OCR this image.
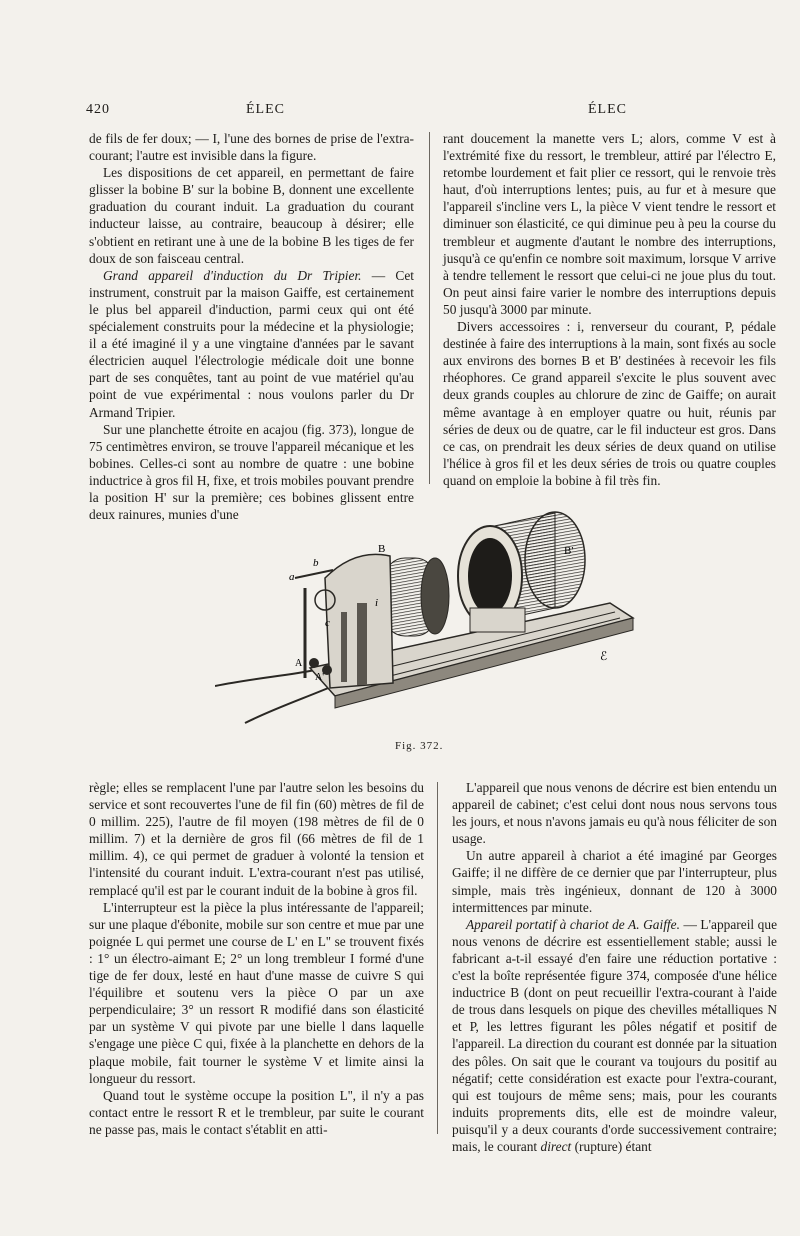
420	ÉLEC	ÉLEC

de fils de fer doux; — I, l'une des bornes de prise de l'extra-courant; l'autre est invisible dans la figure.

Les dispositions de cet appareil, en permettant de faire glisser la bobine B' sur la bobine B, donnent une excellente graduation du courant induit. La graduation du courant inducteur laisse, au contraire, beaucoup à désirer; elle s'obtient en retirant une à une de la bobine B les tiges de fer doux de son faisceau central.

Grand appareil d'induction du Dr Tripier. — Cet instrument, construit par la maison Gaiffe, est certainement le plus bel appareil d'induction, parmi ceux qui ont été spécialement construits pour la médecine et la physiologie; il a été imaginé il y a une vingtaine d'années par le savant électricien auquel l'électrologie médicale doit une bonne part de ses conquêtes, tant au point de vue matériel qu'au point de vue expérimental : nous voulons parler du Dr Armand Tripier.

Sur une planchette étroite en acajou (fig. 373), longue de 75 centimètres environ, se trouve l'appareil mécanique et les bobines. Celles-ci sont au nombre de quatre : une bobine inductrice à gros fil H, fixe, et trois mobiles pouvant prendre la position H' sur la première; ces bobines glissent entre deux rainures, munies d'une

rant doucement la manette vers L; alors, comme V est à l'extrémité fixe du ressort, le trembleur, attiré par l'électro E, retombe lourdement et fait plier ce ressort, qui le renvoie très haut, d'où interruptions lentes; puis, au fur et à mesure que l'appareil s'incline vers L, la pièce V vient tendre le ressort et diminuer son élasticité, ce qui diminue peu à peu la course du trembleur et augmente d'autant le nombre des interruptions, jusqu'à ce qu'enfin ce nombre soit maximum, lorsque V arrive à tendre tellement le ressort que celui-ci ne joue plus du tout. On peut ainsi faire varier le nombre des interruptions depuis 50 jusqu'à 3000 par minute.

Divers accessoires : i, renverseur du courant, P, pédale destinée à faire des interruptions à la main, sont fixés au socle aux environs des bornes B et B' destinées à recevoir les fils rhéophores. Ce grand appareil s'excite le plus souvent avec deux grands couples au chlorure de zinc de Gaiffe; on aurait même avantage à en employer quatre ou huit, réunis par séries de deux ou de quatre, car le fil inducteur est gros. Dans ce cas, on prendrait les deux séries de deux quand on utilise l'hélice à gros fil et les deux séries de trois ou quatre couples quand on emploie la bobine à fil très fin.

B	B'
a
b
c
i
A
A'
ℰ
Fig. 372.

règle; elles se remplacent l'une par l'autre selon les besoins du service et sont recouvertes l'une de fil fin (60) mètres de fil de 0 millim. 225), l'autre de fil moyen (198 mètres de fil de 0 millim. 7) et la dernière de gros fil (66 mètres de fil de 1 millim. 4), ce qui permet de graduer à volonté la tension et l'intensité du courant induit. L'extra-courant n'est pas utilisé, remplacé qu'il est par le courant induit de la bobine à gros fil.

L'interrupteur est la pièce la plus intéressante de l'appareil; sur une plaque d'ébonite, mobile sur son centre et mue par une poignée L qui permet une course de L' en L'' se trouvent fixés : 1° un électro-aimant E; 2° un long trembleur I formé d'une tige de fer doux, lesté en haut d'une masse de cuivre S qui l'équilibre et soutenu vers la pièce O par un axe perpendiculaire; 3° un ressort R modifié dans son élasticité par un système V qui pivote par une bielle l dans laquelle s'engage une pièce C qui, fixée à la planchette en dehors de la plaque mobile, fait tourner le système V et limite ainsi la longueur du ressort.

Quand tout le système occupe la position L'', il n'y a pas contact entre le ressort R et le trembleur, par suite le courant ne passe pas, mais le contact s'établit en atti-

L'appareil que nous venons de décrire est bien entendu un appareil de cabinet; c'est celui dont nous nous servons tous les jours, et nous n'avons jamais eu qu'à nous féliciter de son usage.

Un autre appareil à chariot a été imaginé par Georges Gaiffe; il ne diffère de ce dernier que par l'interrupteur, plus simple, mais très ingénieux, donnant de 120 à 3000 intermittences par minute.

Appareil portatif à chariot de A. Gaiffe. — L'appareil que nous venons de décrire est essentiellement stable; aussi le fabricant a-t-il essayé d'en faire une réduction portative : c'est la boîte représentée figure 374, composée d'une hélice inductrice B (dont on peut recueillir l'extra-courant à l'aide de trous dans lesquels on pique des chevilles métalliques N et P, les lettres figurant les pôles négatif et positif de l'appareil. La direction du courant est donnée par la situation des pôles. On sait que le courant va toujours du positif au négatif; cette considération est exacte pour l'extra-courant, qui est toujours de même sens; mais, pour les courants induits proprements dits, elle est de moindre valeur, puisqu'il y a deux courants d'orde successivement contraire; mais, le courant direct (rupture) étant
